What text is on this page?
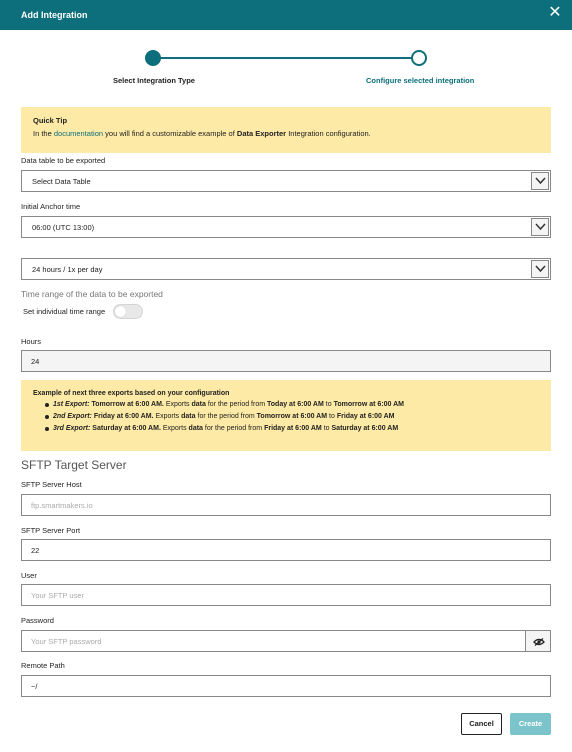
Add Integration	✕
Select Integration Type	Configure selected integration
Quick Tip
In the documentation you will find a customizable example of Data Exporter Integration configuration.
Data table to be exported
Select Data Table
Initial Anchor time
06:00 (UTC 13:00)
24 hours / 1x per day
Time range of the data to be exported
Set individual time range
Hours
24
Example of next three exports based on your configuration
1st Export: Tomorrow at 6:00 AM. Exports data for the period from Today at 6:00 AM to Tomorrow at 6:00 AM
2nd Export: Friday at 6:00 AM. Exports data for the period from Tomorrow at 6:00 AM to Friday at 6:00 AM
3rd Export: Saturday at 6:00 AM. Exports data for the period from Friday at 6:00 AM to Saturday at 6:00 AM
SFTP Target Server
SFTP Server Host
ftp.smartmakers.io
SFTP Server Port
22
User
Your SFTP user
Password
Your SFTP password
Remote Path
~/
Cancel	Create
